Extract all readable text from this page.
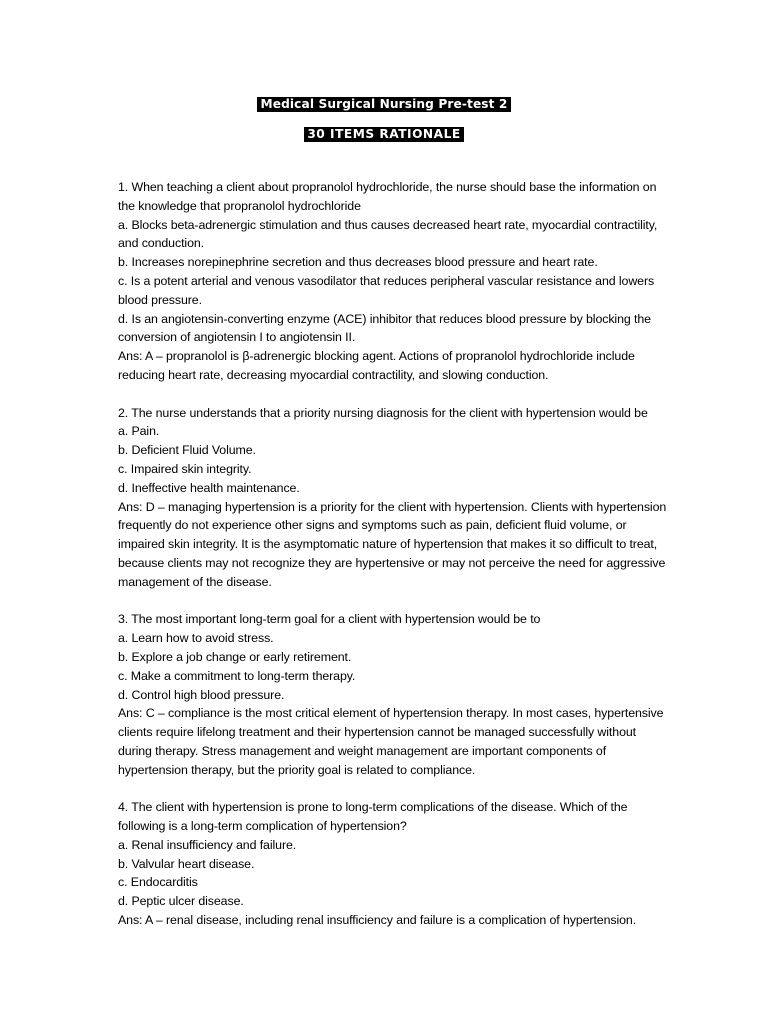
Medical Surgical Nursing Pre-test 2
30 ITEMS RATIONALE

1. When teaching a client about propranolol hydrochloride, the nurse should base the information on the knowledge that propranolol hydrochloride

a. Blocks beta-adrenergic stimulation and thus causes decreased heart rate, myocardial contractility, and conduction.

b. Increases norepinephrine secretion and thus decreases blood pressure and heart rate.

c. Is a potent arterial and venous vasodilator that reduces peripheral vascular resistance and lowers blood pressure.

d. Is an angiotensin-converting enzyme (ACE) inhibitor that reduces blood pressure by blocking the conversion of angiotensin I to angiotensin II.

Ans: A – propranolol is β-adrenergic blocking agent. Actions of propranolol hydrochloride include reducing heart rate, decreasing myocardial contractility, and slowing conduction.

2. The nurse understands that a priority nursing diagnosis for the client with hypertension would be

a. Pain.

b. Deficient Fluid Volume.

c. Impaired skin integrity.

d. Ineffective health maintenance.

Ans: D – managing hypertension is a priority for the client with hypertension. Clients with hypertension frequently do not experience other signs and symptoms such as pain, deficient fluid volume, or impaired skin integrity. It is the asymptomatic nature of hypertension that makes it so difficult to treat, because clients may not recognize they are hypertensive or may not perceive the need for aggressive management of the disease.

3. The most important long-term goal for a client with hypertension would be to

a. Learn how to avoid stress.

b. Explore a job change or early retirement.

c. Make a commitment to long-term therapy.

d. Control high blood pressure.

Ans: C – compliance is the most critical element of hypertension therapy. In most cases, hypertensive clients require lifelong treatment and their hypertension cannot be managed successfully without during therapy. Stress management and weight management are important components of hypertension therapy, but the priority goal is related to compliance.

4. The client with hypertension is prone to long-term complications of the disease. Which of the following is a long-term complication of hypertension?

a. Renal insufficiency and failure.

b. Valvular heart disease.

c. Endocarditis

d. Peptic ulcer disease.

Ans: A – renal disease, including renal insufficiency and failure is a complication of hypertension.
